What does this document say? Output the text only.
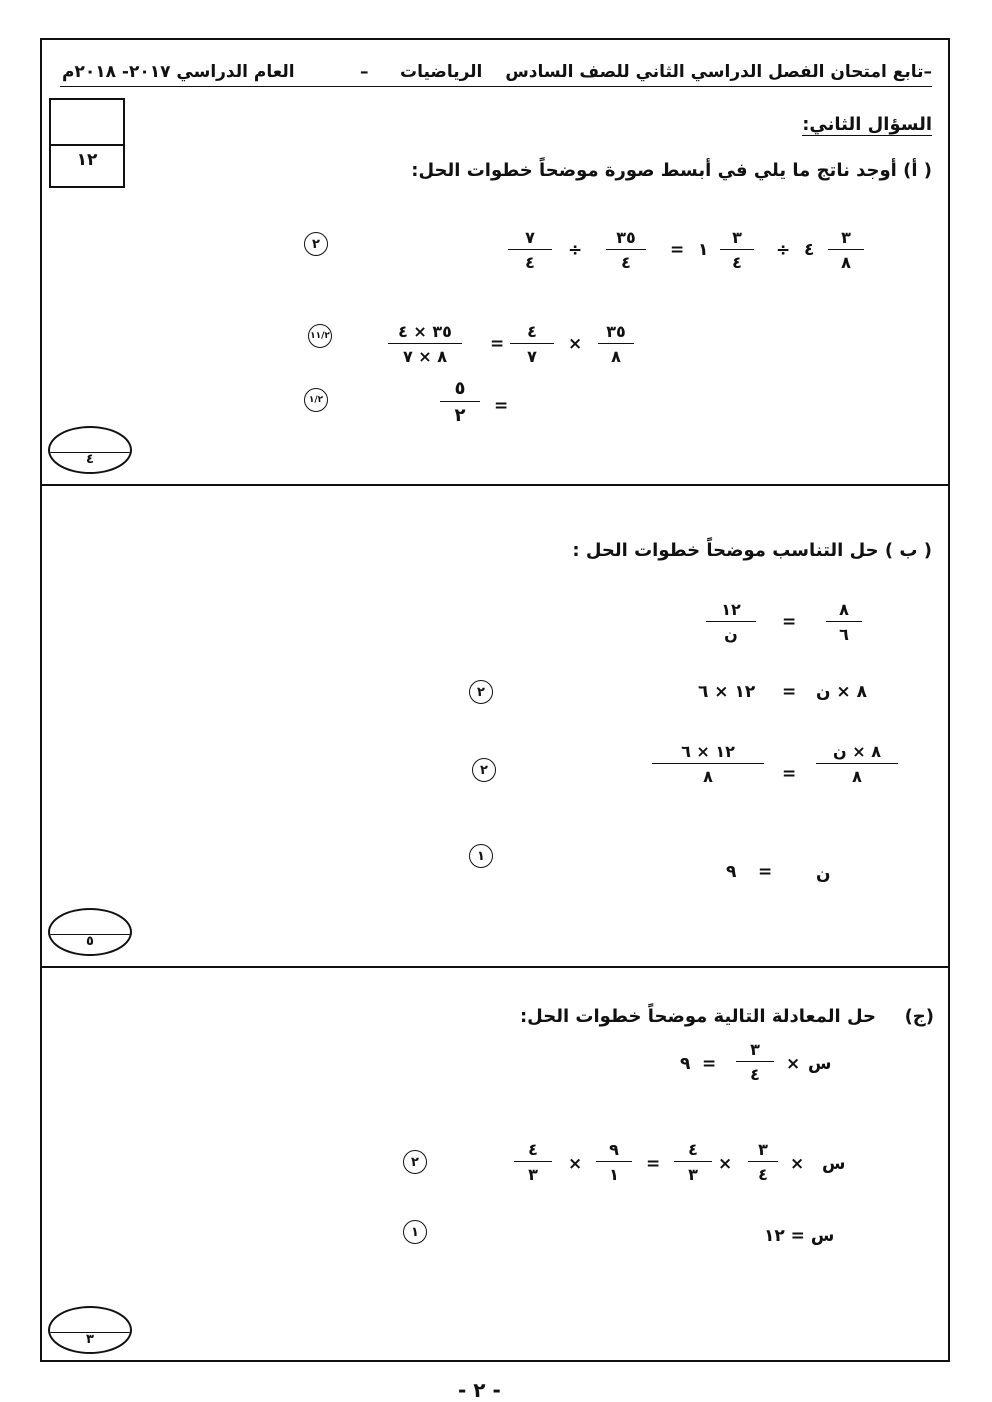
تابع امتحان الفصل الدراسي الثاني للصف السادس–
الرياضيات
–
العام الدراسي ٢٠١٧- ٢٠١٨م
١٢
السؤال الثاني:
( أ) أوجد ناتج ما يلي في أبسط صورة موضحاً خطوات الحل:
٣
٨
٤
÷
٣
٤
١
=
٣٥
٤
÷
٧
٤
٢
٣٥
٨
×
٤
٧
=
٣٥ × ٤
٨ × ٧
١ ١/٢
=
٥
٢
١/٢
٤
( ب ) حل التناسب موضحاً خطوات الحل :
٨
٦
=
١٢
ن
٨ × ن
=
١٢ × ٦
٢
٨ × ن
٨
=
١٢ × ٦
٨
٢
ن
=
٩
١
٥
(ج)
حل المعادلة التالية موضحاً خطوات الحل:
س
×
٣
٤
=
٩
س
×
٣
٤
×
٤
٣
=
٩
١
×
٤
٣
٢
س = ١٢
١
٣
- ٢ -
